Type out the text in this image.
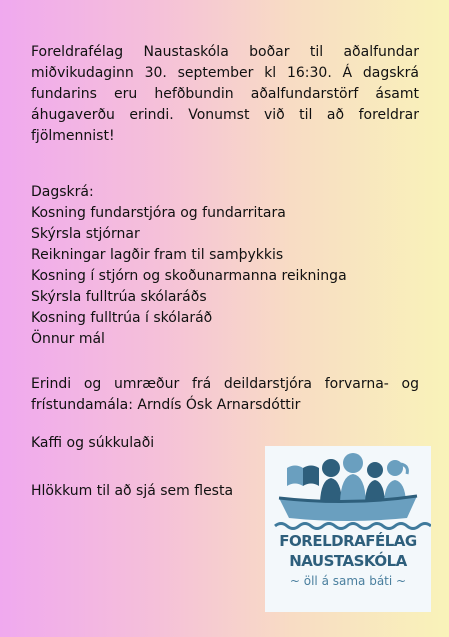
Foreldrafélag Naustaskóla boðar til aðalfundar miðvikudaginn 30. september kl 16:30. Á dagskrá fundarins eru hefðbundin aðalfundarstörf ásamt áhugaverðu erindi. Vonumst við til að foreldrar fjölmennist!
Dagskrá:
Kosning fundarstjóra og fundarritara
Skýrsla stjórnar
Reikningar lagðir fram til samþykkis
Kosning í stjórn og skoðunarmanna reikninga
Skýrsla fulltrúa skólaráðs
Kosning fulltrúa í skólaráð
Önnur mál
Erindi og umræður frá deildarstjóra forvarna- og frístundamála: Arndís Ósk Arnarsdóttir
Kaffi og súkkulaði
Hlökkum til að sjá sem flesta
FORELDRAFÉLAG
NAUSTASKÓLA
~ öll á sama báti ~
